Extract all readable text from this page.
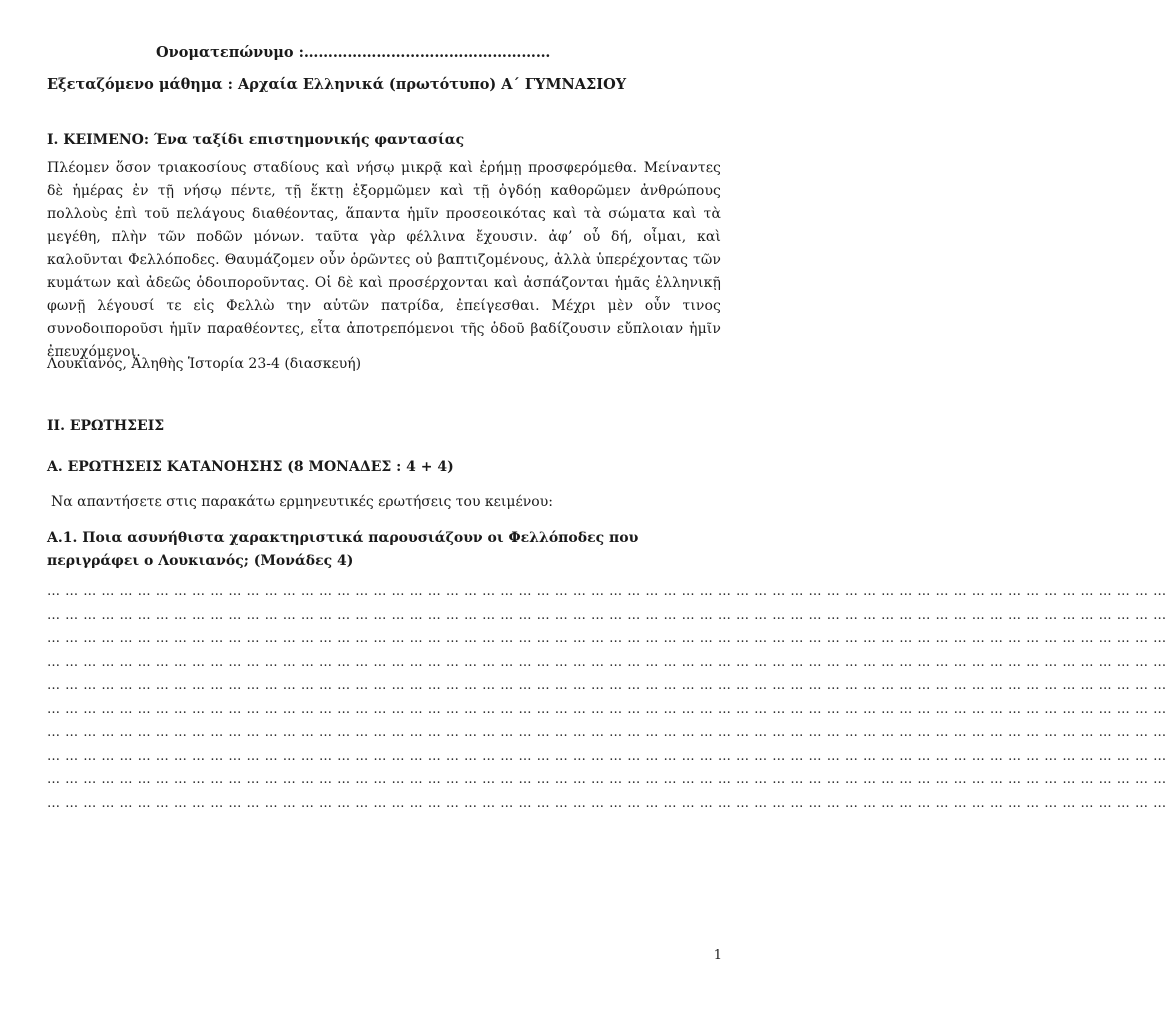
Ονοματεπώνυμο :……………………………………………
Εξεταζόμενο μάθημα : Αρχαία Ελληνικά (πρωτότυπο) Α΄ ΓΥΜΝΑΣΙΟΥ
Ι. ΚΕΙΜΕΝΟ: Ένα ταξίδι επιστημονικής φαντασίας
Πλέομεν ὅσον τριακοσίους σταδίους καὶ νήσῳ μικρᾷ καὶ ἐρήμῃ προσφερόμεθα. Μείναντες δὲ ἡμέρας ἐν τῇ νήσῳ πέντε, τῇ ἕκτῃ ἐξορμῶμεν καὶ τῇ ὀγδόῃ καθορῶμεν ἀνθρώπους πολλοὺς ἐπὶ τοῦ πελάγους διαθέοντας, ἅπαντα ἡμῖν προσεοικότας καὶ τὰ σώματα καὶ τὰ μεγέθη, πλὴν τῶν ποδῶν μόνων. ταῦτα γὰρ φέλλινα ἔχουσιν. ἀφ’ οὗ δή, οἶμαι, καὶ καλοῦνται Φελλόποδες. Θαυμάζομεν οὖν ὁρῶντες οὐ βαπτιζομένους, ἀλλὰ ὑπερέχοντας τῶν κυμάτων καὶ ἀδεῶς ὁδοιποροῦντας. Οἱ δὲ καὶ προσέρχονται καὶ ἀσπάζονται ἡμᾶς ἑλληνικῇ φωνῇ λέγουσί τε εἰς Φελλὼ την αὑτῶν πατρίδα, ἐπείγεσθαι. Μέχρι μὲν οὖν τινος συνοδοιποροῦσι ἡμῖν παραθέοντες, εἶτα ἀποτρεπόμενοι τῆς ὁδοῦ βαδίζουσιν εὔπλοιαν ἡμῖν ἐπευχόμενοι.
Λουκιανός, Ἀληθὴς Ἱστορία 23-4 (διασκευή)
ΙΙ. ΕΡΩΤΗΣΕΙΣ
Α. ΕΡΩΤΗΣΕΙΣ ΚΑΤΑΝΟΗΣΗΣ (8 ΜΟΝΑΔΕΣ : 4 + 4)
Να απαντήσετε στις παρακάτω ερμηνευτικές ερωτήσεις του κειμένου:
Α.1. Ποια ασυνήθιστα χαρακτηριστικά παρουσιάζουν οι Φελλόποδες που περιγράφει ο Λουκιανός; (Μονάδες 4)
… … … … … … … … … … … … … … … … … … … … … … … … … … … … … … … … … … … … … … … … … … … … … … … … … … … … … … … … … … … … … …
… … … … … … … … … … … … … … … … … … … … … … … … … … … … … … … … … … … … … … … … … … … … … … … … … … … … … … … … … … … … … …
… … … … … … … … … … … … … … … … … … … … … … … … … … … … … … … … … … … … … … … … … … … … … … … … … … … … … … … … … … … … … …
… … … … … … … … … … … … … … … … … … … … … … … … … … … … … … … … … … … … … … … … … … … … … … … … … … … … … … … … … … … … … …
… … … … … … … … … … … … … … … … … … … … … … … … … … … … … … … … … … … … … … … … … … … … … … … … … … … … … … … … … … … … … …
… … … … … … … … … … … … … … … … … … … … … … … … … … … … … … … … … … … … … … … … … … … … … … … … … … … … … … … … … … … … … …
… … … … … … … … … … … … … … … … … … … … … … … … … … … … … … … … … … … … … … … … … … … … … … … … … … … … … … … … … … … … … …
… … … … … … … … … … … … … … … … … … … … … … … … … … … … … … … … … … … … … … … … … … … … … … … … … … … … … … … … … … … … … …
… … … … … … … … … … … … … … … … … … … … … … … … … … … … … … … … … … … … … … … … … … … … … … … … … … … … … … … … … … … … … …
… … … … … … … … … … … … … … … … … … … … … … … … … … … … … … … … … … … … … … … … … … … … … … … … … … … … … … … … … … … … … …
1
